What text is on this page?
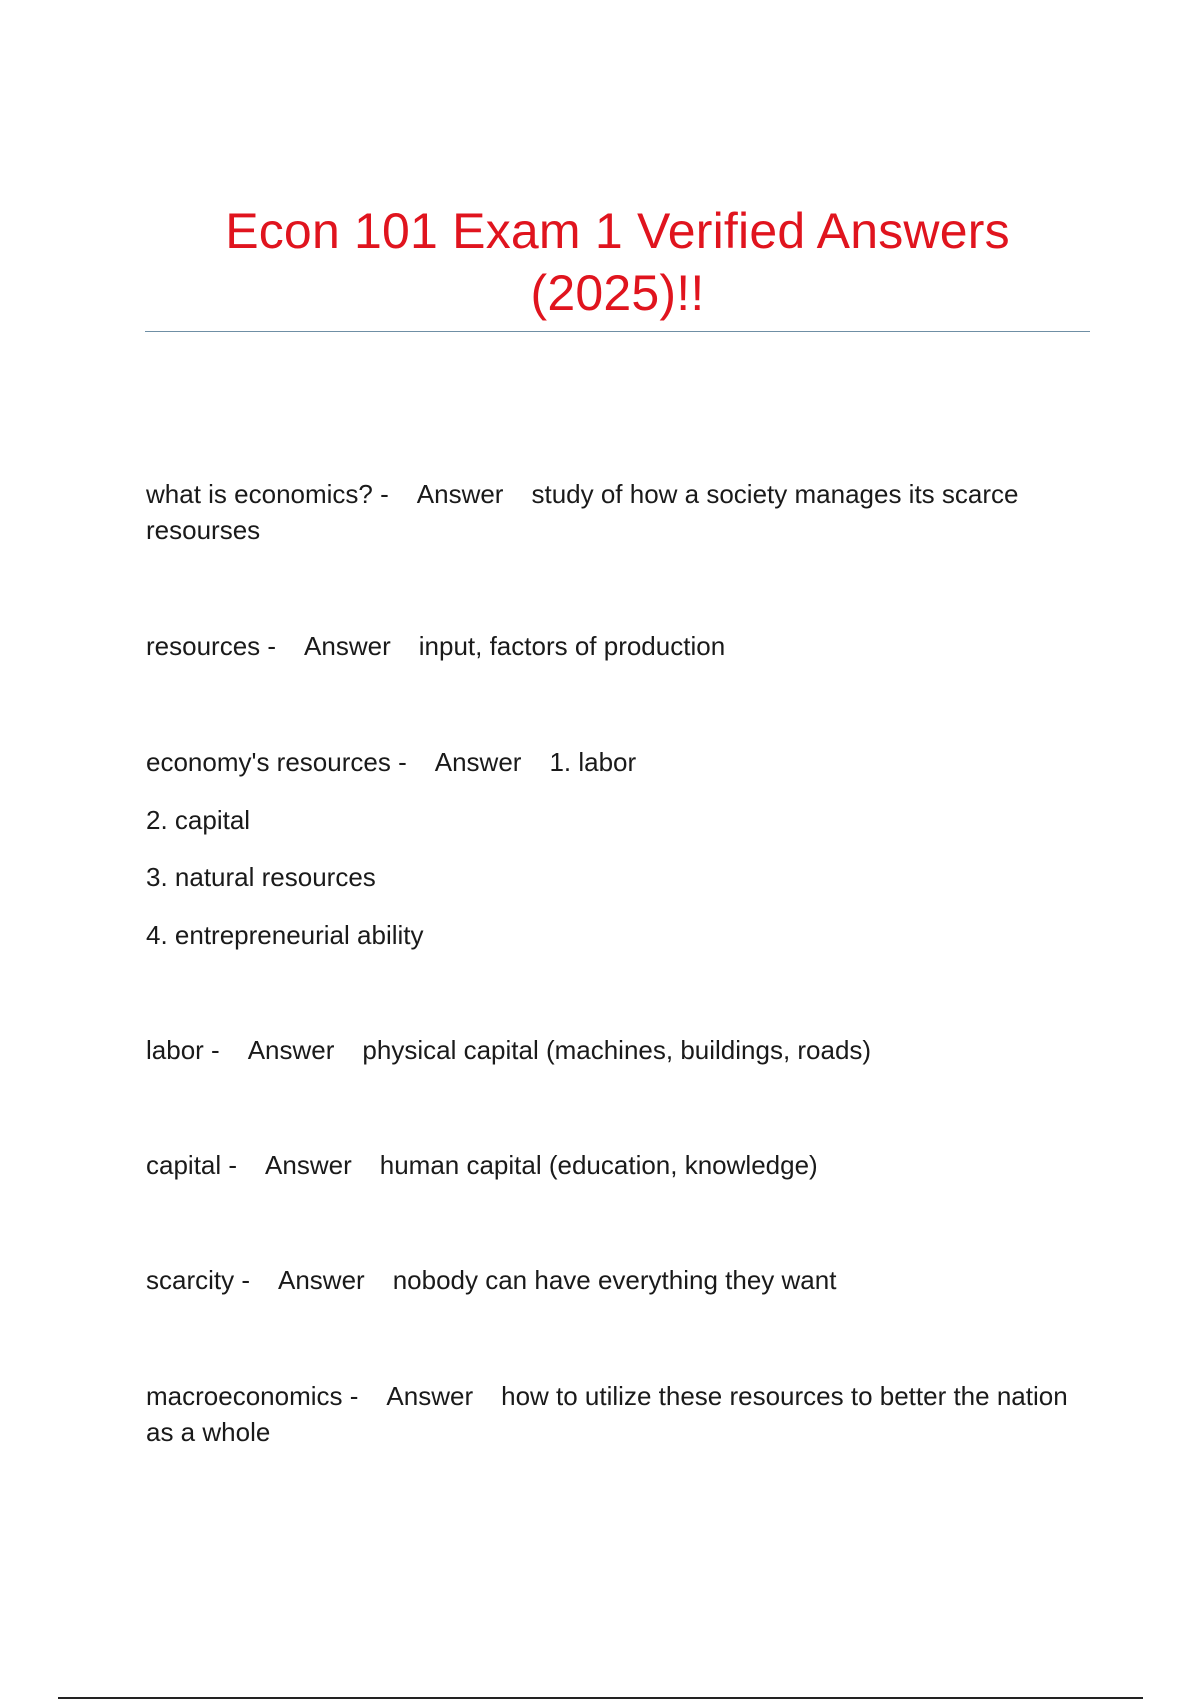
Econ 101 Exam 1 Verified Answers (2025)!!
what is economics? - Answer study of how a society manages its scarce resourses
resources - Answer input, factors of production
economy's resources - Answer 1. labor
2. capital
3. natural resources
4. entrepreneurial ability
labor - Answer physical capital (machines, buildings, roads)
capital - Answer human capital (education, knowledge)
scarcity - Answer nobody can have everything they want
macroeconomics - Answer how to utilize these resources to better the nation as a whole
